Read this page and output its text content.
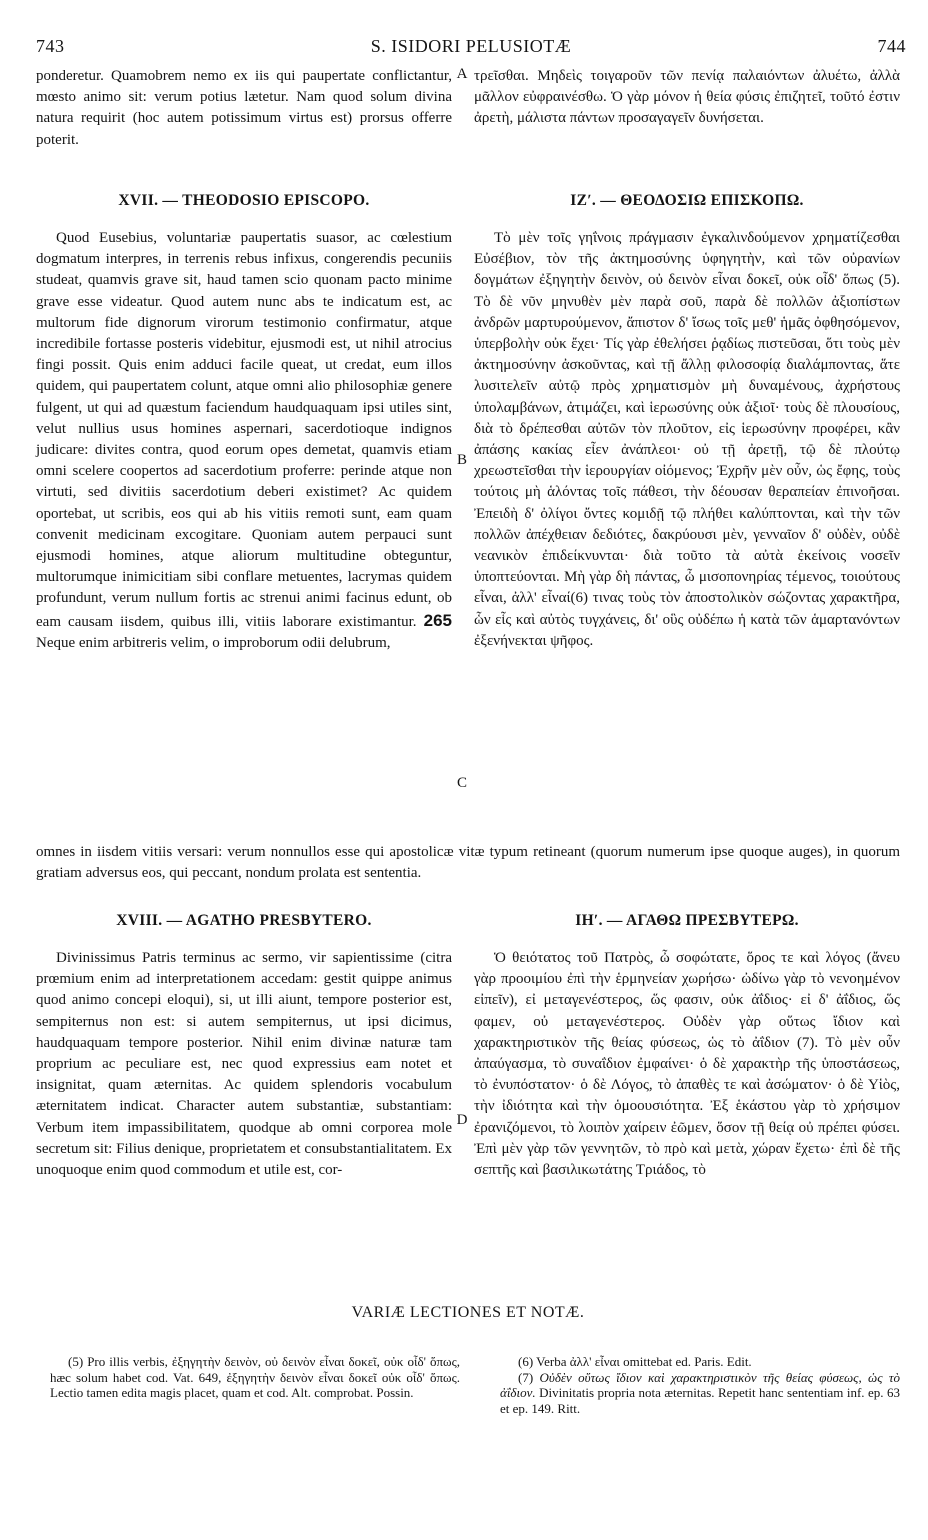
743	S. ISIDORI PELUSIOTÆ	744

ponderetur. Quamobrem nemo ex iis qui paupertate conflictantur, mœsto animo sit: verum potius lætetur. Nam quod solum divina natura requirit (hoc autem potissimum virtus est) prorsus offerre poterit.

A τρεῖσθαι. Μηδεὶς τοιγαροῦν τῶν πενίᾳ παλαιόντων ἀλυέτω, ἀλλὰ μᾶλλον εὐφραινέσθω. Ὁ γὰρ μόνον ἡ θεία φύσις ἐπιζητεῖ, τοῦτό ἐστιν ἀρετὴ, μάλιστα πάντων προσαγαγεῖν δυνήσεται.

XVII. — THEODOSIO EPISCOPO.	ΙΖʹ. — ΘΕΟΔΟΣΙΩ ΕΠΙΣΚΟΠΩ.

Quod Eusebius, voluntariæ paupertatis suasor, ac cœlestium dogmatum interpres, in terrenis rebus infixus, congerendis pecuniis studeat, quamvis grave sit, haud tamen scio quonam pacto minime grave esse videatur. Quod autem nunc abs te indicatum est, ac multorum fide dignorum virorum testimonio confirmatur, atque incredibile fortasse posteris videbitur, ejusmodi est, ut nihil atrocius fingi possit. Quis enim adduci facile queat, ut credat, eum illos quidem, qui paupertatem colunt, atque omni alio philosophiæ genere fulgent, ut qui ad quæstum faciendum haudquaquam ipsi utiles sint, velut nullius usus homines aspernari, sacerdotioque indignos judicare: divites contra, quod eorum opes demetat, quamvis etiam omni scelere coopertos ad sacerdotium proferre: perinde atque non virtuti, sed divitiis sacerdotium deberi existimet? Ac quidem oportebat, ut scribis, eos qui ab his vitiis remoti sunt, eam quam convenit medicinam excogitare. Quoniam autem perpauci sunt ejusmodi homines, atque aliorum multitudine obteguntur, multorumque inimicitiam sibi conflare metuentes, lacrymas quidem profundunt, verum nullum fortis ac strenui animi facinus edunt, ob eam causam iisdem, quibus illi, vitiis laborare existimantur. 265 Neque enim arbitreris velim, o improborum odii delubrum,

B
C

Τὸ μὲν τοῖς γηΐνοις πράγμασιν ἐγκαλινδούμενον χρηματίζεσθαι Εὐσέβιον, τὸν τῆς ἀκτημοσύνης ὑφηγητὴν, καὶ τῶν οὐρανίων δογμάτων ἐξηγητὴν δεινὸν, οὐ δεινὸν εἶναι δοκεῖ, οὐκ οἶδ' ὅπως (5). Τὸ δὲ νῦν μηνυθὲν μὲν παρὰ σοῦ, παρὰ δὲ πολλῶν ἀξιοπίστων ἀνδρῶν μαρτυρούμενον, ἄπιστον δ' ἴσως τοῖς μεθ' ἡμᾶς ὀφθησόμενον, ὑπερβολὴν οὐκ ἔχει· Τίς γὰρ ἐθελήσει ῥᾳδίως πιστεῦσαι, ὅτι τοὺς μὲν ἀκτημοσύνην ἀσκοῦντας, καὶ τῇ ἄλλῃ φιλοσοφίᾳ διαλάμποντας, ἅτε λυσιτελεῖν αὐτῷ πρὸς χρηματισμὸν μὴ δυναμένους, ἀχρήστους ὑπολαμβάνων, ἀτιμάζει, καὶ ἱερωσύνης οὐκ ἀξιοῖ· τοὺς δὲ πλουσίους, διὰ τὸ δρέπεσθαι αὐτῶν τὸν πλοῦτον, εἰς ἱερωσύνην προφέρει, κἂν ἀπάσης κακίας εἶεν ἀνάπλεοι· οὐ τῇ ἀρετῇ, τῷ δὲ πλούτῳ χρεωστεῖσθαι τὴν ἱερουργίαν οἰόμενος; Ἐχρῆν μὲν οὖν, ὡς ἔφης, τοὺς τούτοις μὴ ἁλόντας τοῖς πάθεσι, τὴν δέουσαν θεραπείαν ἐπινοῆσαι. Ἐπειδὴ δ' ὀλίγοι ὄντες κομιδῇ τῷ πλήθει καλύπτονται, καὶ τὴν τῶν πολλῶν ἀπέχθειαν δεδιότες, δακρύουσι μὲν, γενναῖον δ' οὐδὲν, οὐδὲ νεανικὸν ἐπιδείκνυνται· διὰ τοῦτο τὰ αὐτὰ ἐκείνοις νοσεῖν ὑποπτεύονται. Μὴ γὰρ δὴ πάντας, ὦ μισοπονηρίας τέμενος, τοιούτους εἶναι, ἀλλ' εἶναί(6) τινας τοὺς τὸν ἀποστολικὸν σώζοντας χαρακτῆρα, ὧν εἷς καὶ αὐτὸς τυγχάνεις, δι' οὓς οὐδέπω ἡ κατὰ τῶν ἁμαρτανόντων ἐξενήνεκται ψῆφος.

omnes in iisdem vitiis versari: verum nonnullos esse qui apostolicæ vitæ typum retineant (quorum numerum ipse quoque auges), in quorum gratiam adversus eos, qui peccant, nondum prolata est sententia.

XVIII. — AGATHO PRESBYTERO.	ΙΗʹ. — ΑΓΑΘΩ ΠΡΕΣΒΥΤΕΡΩ.

Divinissimus Patris terminus ac sermo, vir sapientissime (citra prœmium enim ad interpretationem accedam: gestit quippe animus quod animo concepi eloqui), si, ut illi aiunt, tempore posterior est, sempiternus non est: si autem sempiternus, ut ipsi dicimus, haudquaquam tempore posterior. Nihil enim divinæ naturæ tam proprium ac peculiare est, nec quod expressius eam notet et insignitat, quam æternitas. Ac quidem splendoris vocabulum æternitatem indicat. Character autem substantiæ, substantiam: Verbum item impassibilitatem, quodque ab omni corporea mole secretum sit: Filius denique, proprietatem et consubstantialitatem. Ex unoquoque enim quod commodum et utile est, cor-

D

Ὁ θειότατος τοῦ Πατρὸς, ὦ σοφώτατε, ὅρος τε καὶ λόγος (ἄνευ γὰρ προοιμίου ἐπὶ τὴν ἑρμηνείαν χωρήσω· ὠδίνω γὰρ τὸ νενοημένον εἰπεῖν), εἰ μεταγενέστερος, ὥς φασιν, οὐκ ἀΐδιος· εἰ δ' ἀΐδιος, ὥς φαμεν, οὐ μεταγενέστερος. Οὐδὲν γὰρ οὕτως ἴδιον καὶ χαρακτηριστικὸν τῆς θείας φύσεως, ὡς τὸ ἀΐδιον (7). Τὸ μὲν οὖν ἀπαύγασμα, τὸ συναΐδιον ἐμφαίνει· ὁ δὲ χαρακτὴρ τῆς ὑποστάσεως, τὸ ἐνυπόστατον· ὁ δὲ Λόγος, τὸ ἀπαθὲς τε καὶ ἀσώματον· ὁ δὲ Υἱὸς, τὴν ἰδιότητα καὶ τὴν ὁμοουσιότητα. Ἐξ ἑκάστου γὰρ τὸ χρήσιμον ἐρανιζόμενοι, τὸ λοιπὸν χαίρειν ἐῶμεν, ὅσον τῇ θείᾳ οὐ πρέπει φύσει. Ἐπὶ μὲν γὰρ τῶν γεννητῶν, τὸ πρὸ καὶ μετὰ, χώραν ἔχετω· ἐπὶ δὲ τῆς σεπτῆς καὶ βασιλικωτάτης Τριάδος, τὸ

VARIÆ LECTIONES ET NOTÆ.

(5) Pro illis verbis, ἐξηγητὴν δεινὸν, οὐ δεινὸν εἶναι δοκεῖ, οὐκ οἶδ' ὅπως, hæc solum habet cod. Vat. 649, ἐξηγητὴν δεινὸν εἶναι δοκεῖ οὐκ οἶδ' ὅπως. Lectio tamen edita magis placet, quam et cod. Alt. comprobat. Possin.

(6) Verba ἀλλ' εἶναι omittebat ed. Paris. Edit.

(7) Οὐδὲν οὕτως ἴδιον καὶ χαρακτηριστικὸν τῆς θείας φύσεως, ὡς τὸ ἀΐδιον. Divinitatis propria nota æternitas. Repetit hanc sententiam inf. ep. 63 et ep. 149. Ritt.
